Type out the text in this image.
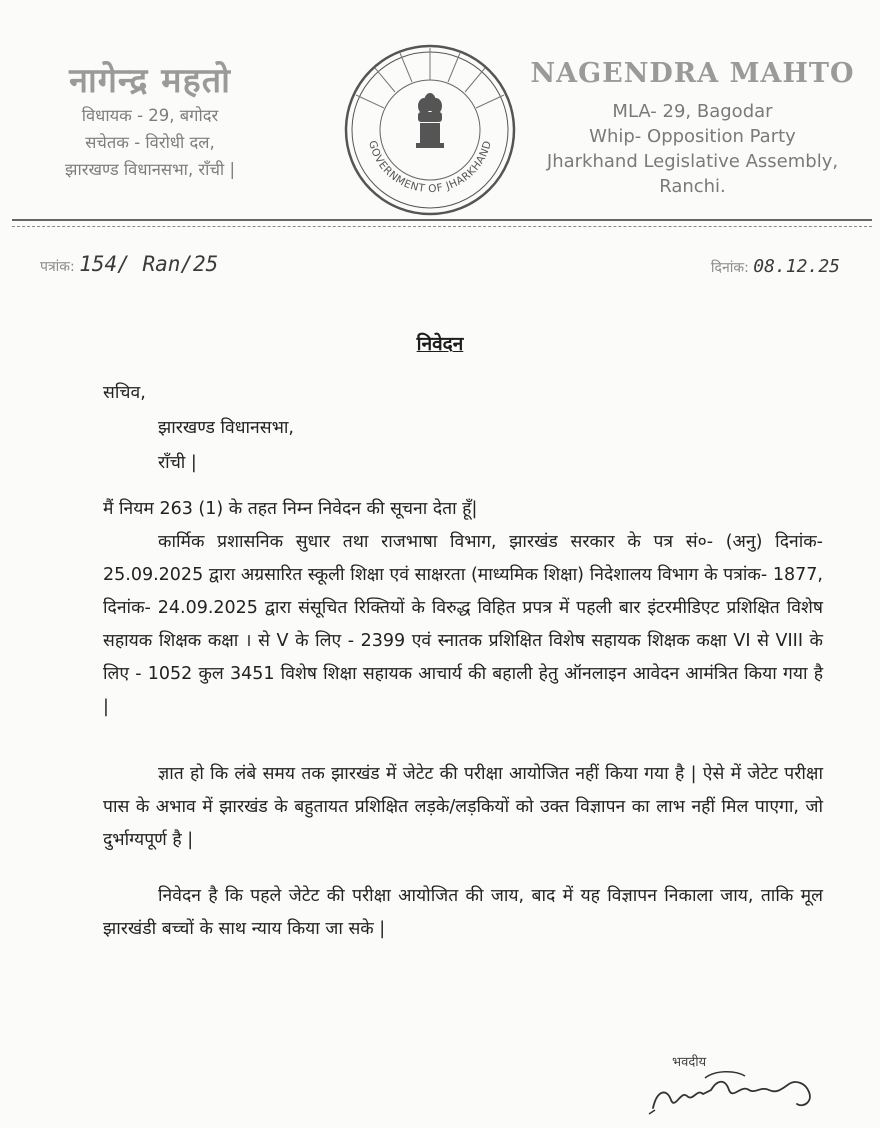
नागेन्द्र महतो
विधायक - 29, बगोदर
सचेतक - विरोधी दल,
झारखण्ड विधानसभा, राँची |
GOVERNMENT OF JHARKHAND
NAGENDRA MAHTO
MLA- 29, Bagodar
Whip- Opposition Party
Jharkhand Legislative Assembly,
Ranchi.
पत्रांक: 154/ Ran/25	दिनांक: 08.12.25
निवेदन
सचिव,
झारखण्ड विधानसभा,
राँची |
मैं नियम 263 (1) के तहत निम्न निवेदन की सूचना देता हूँ|
कार्मिक प्रशासनिक सुधार तथा राजभाषा विभाग, झारखंड सरकार के पत्र सं०- (अनु) दिनांक- 25.09.2025 द्वारा अग्रसारित स्कूली शिक्षा एवं साक्षरता (माध्यमिक शिक्षा) निदेशालय विभाग के पत्रांक- 1877, दिनांक- 24.09.2025 द्वारा संसूचित रिक्तियों के विरुद्ध विहित प्रपत्र में पहली बार इंटरमीडिएट प्रशिक्षित विशेष सहायक शिक्षक कक्षा । से V के लिए - 2399 एवं स्नातक प्रशिक्षित विशेष सहायक शिक्षक कक्षा VI से VIII के लिए - 1052 कुल 3451 विशेष शिक्षा सहायक आचार्य की बहाली हेतु ऑनलाइन आवेदन आमंत्रित किया गया है |
ज्ञात हो कि लंबे समय तक झारखंड में जेटेट की परीक्षा आयोजित नहीं किया गया है | ऐसे में जेटेट परीक्षा पास के अभाव में झारखंड के बहुतायत प्रशिक्षित लड़के/लड़कियों को उक्त विज्ञापन का लाभ नहीं मिल पाएगा, जो दुर्भाग्यपूर्ण है |
निवेदन है कि पहले जेटेट की परीक्षा आयोजित की जाय, बाद में यह विज्ञापन निकाला जाय, ताकि मूल झारखंडी बच्चों के साथ न्याय किया जा सके |
भवदीय
